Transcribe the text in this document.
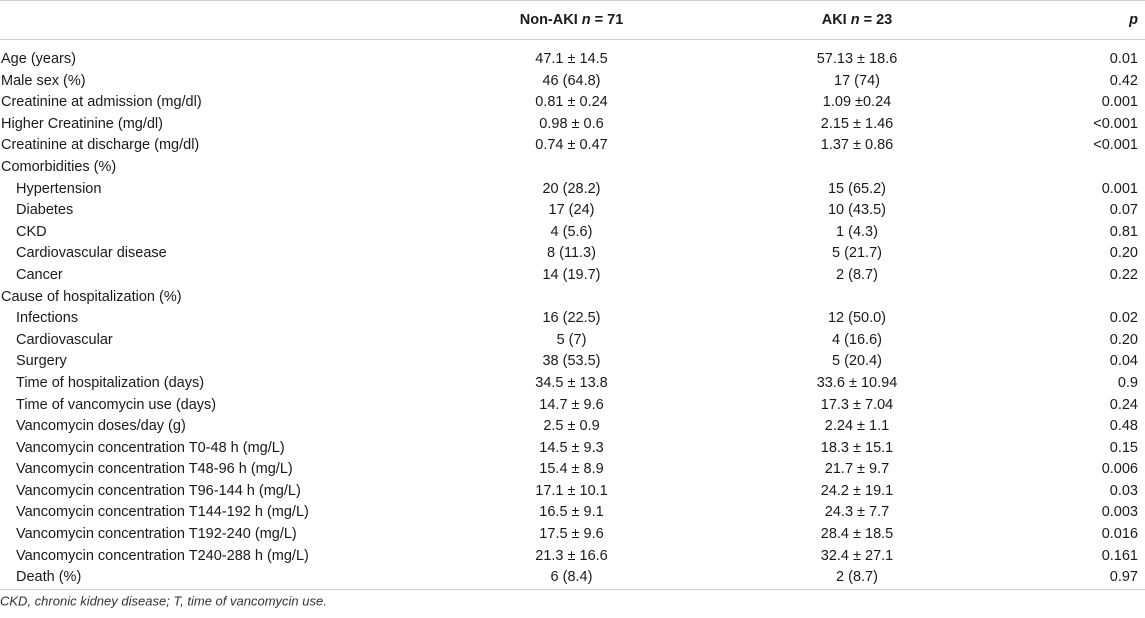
	Non-AKI n = 71	AKI n = 23	p

Age (years)	47.1 ± 14.5	57.13 ± 18.6	0.01
Male sex (%)	46 (64.8)	17 (74)	0.42
Creatinine at admission (mg/dl)	0.81 ± 0.24	1.09 ±0.24	0.001
Higher Creatinine (mg/dl)	0.98 ± 0.6	2.15 ± 1.46	<0.001
Creatinine at discharge (mg/dl)	0.74 ± 0.47	1.37 ± 0.86	<0.001
Comorbidities (%)			
Hypertension	20 (28.2)	15 (65.2)	0.001
Diabetes	17 (24)	10 (43.5)	0.07
CKD	4 (5.6)	1 (4.3)	0.81
Cardiovascular disease	8 (11.3)	5 (21.7)	0.20
Cancer	14 (19.7)	2 (8.7)	0.22
Cause of hospitalization (%)			
Infections	16 (22.5)	12 (50.0)	0.02
Cardiovascular	5 (7)	4 (16.6)	0.20
Surgery	38 (53.5)	5 (20.4)	0.04
Time of hospitalization (days)	34.5 ± 13.8	33.6 ± 10.94	0.9
Time of vancomycin use (days)	14.7 ± 9.6	17.3 ± 7.04	0.24
Vancomycin doses/day (g)	2.5 ± 0.9	2.24 ± 1.1	0.48
Vancomycin concentration T0-48 h (mg/L)	14.5 ± 9.3	18.3 ± 15.1	0.15
Vancomycin concentration T48-96 h (mg/L)	15.4 ± 8.9	21.7 ± 9.7	0.006
Vancomycin concentration T96-144 h (mg/L)	17.1 ± 10.1	24.2 ± 19.1	0.03
Vancomycin concentration T144-192 h (mg/L)	16.5 ± 9.1	24.3 ± 7.7	0.003
Vancomycin concentration T192-240 (mg/L)	17.5 ± 9.6	28.4 ± 18.5	0.016
Vancomycin concentration T240-288 h (mg/L)	21.3 ± 16.6	32.4 ± 27.1	0.161
Death (%)	6 (8.4)	2 (8.7)	0.97
CKD, chronic kidney disease; T, time of vancomycin use.
